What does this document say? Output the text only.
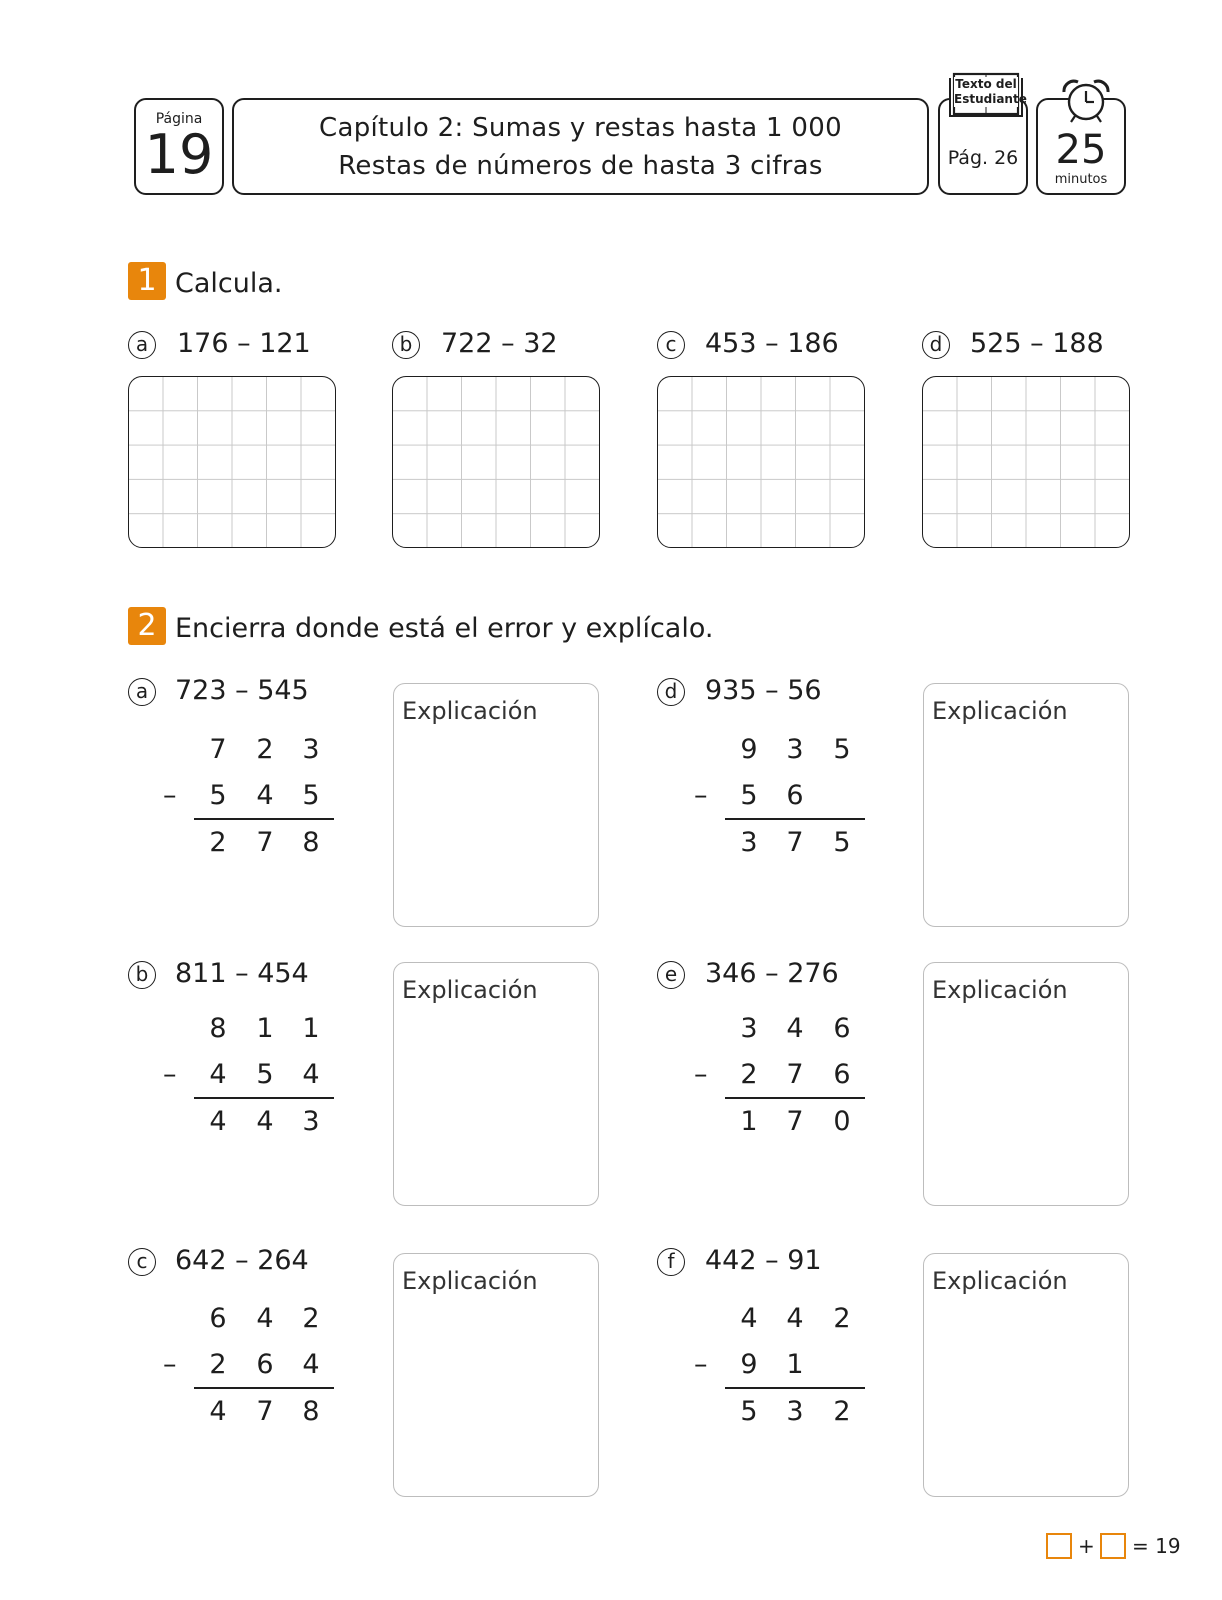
Página
19	Capítulo 2: Sumas y restas hasta 1 000
Restas de números de hasta 3 cifras	Pág. 26
Texto del
Estudiante
25
minutos
1 Calcula.
a 176 – 121	b 722 – 32	c	453 – 186	d 525 – 188
2 Encierra donde está el error y explícalo.
a 723 – 545
7 2 3
– 5 4 5
2 7 8
Explicación
b 811 – 454
8 1 1
– 4 5 4
4 4 3
Explicación
c	642 – 264
6 4 2
– 2 6 4
4 7 8
Explicación
d 935 – 56
9 3 5
– 5 6
3 7 5
Explicación
e 346 – 276
3 4 6
– 2 7 6
1 7 0
Explicación
f	442 – 91
4 4 2
– 9 1
5 3 2
Explicación
+ = 19
